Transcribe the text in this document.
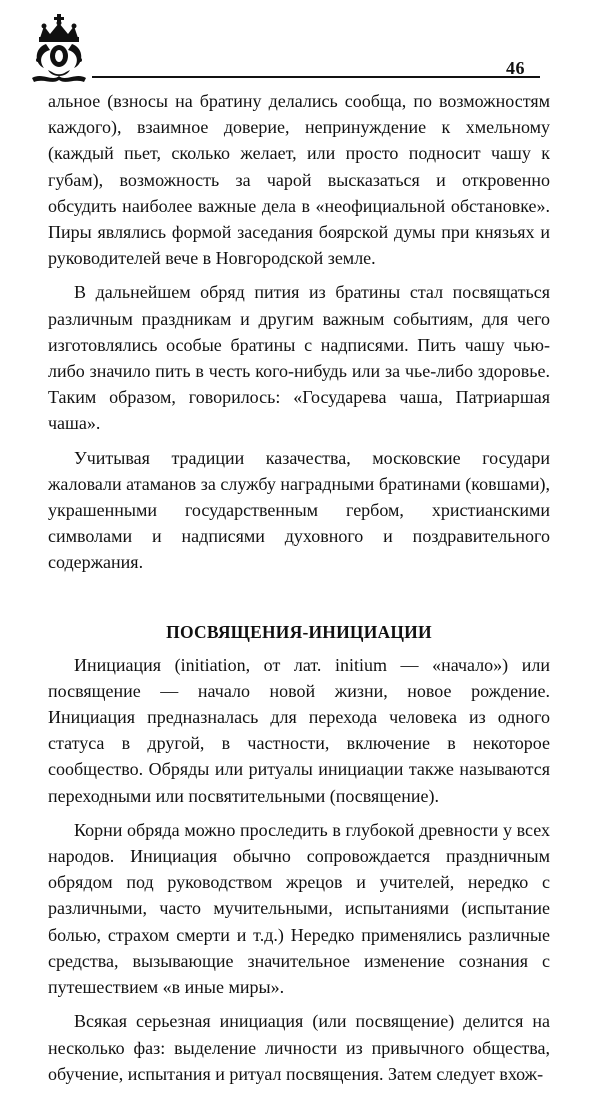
46

альное (взносы на братину делались сообща, по возможностям каждого), взаимное доверие, непринуждение к хмельному (каждый пьет, сколько желает, или просто подносит чашу к губам), возможность за чарой высказаться и откровенно обсудить наиболее важные дела в «неофициальной обстановке». Пиры являлись формой заседания боярской думы при князьях и руководителей вече в Новгородской земле.

В дальнейшем обряд пития из братины стал посвящаться различным праздникам и другим важным событиям, для чего изготовлялись особые братины с надписями. Пить чашу чью-либо значило пить в честь кого-нибудь или за чье-либо здоровье. Таким образом, говорилось: «Государева чаша, Патриаршая чаша».

Учитывая традиции казачества, московские государи жаловали атаманов за службу наградными братинами (ковшами), украшенными государственным гербом, христианскими символами и надписями духовного и поздравительного содержания.

ПОСВЯЩЕНИЯ-ИНИЦИАЦИИ

Инициация (initiation, от лат. initium — «начало») или посвящение — начало новой жизни, новое рождение. Инициация предназналась для перехода человека из одного статуса в другой, в частности, включение в некоторое сообщество. Обряды или ритуалы инициации также называются переходными или посвятительными (посвящение).

Корни обряда можно проследить в глубокой древности у всех народов. Инициация обычно сопровождается праздничным обрядом под руководством жрецов и учителей, нередко с различными, часто мучительными, испытаниями (испытание болью, страхом смерти и т.д.) Нередко применялись различные средства, вызывающие значительное изменение сознания с путешествием «в иные миры».

Всякая серьезная инициация (или посвящение) делится на несколько фаз: выделение личности из привычного общества, обучение, испытания и ритуал посвящения. Затем следует вхож-
